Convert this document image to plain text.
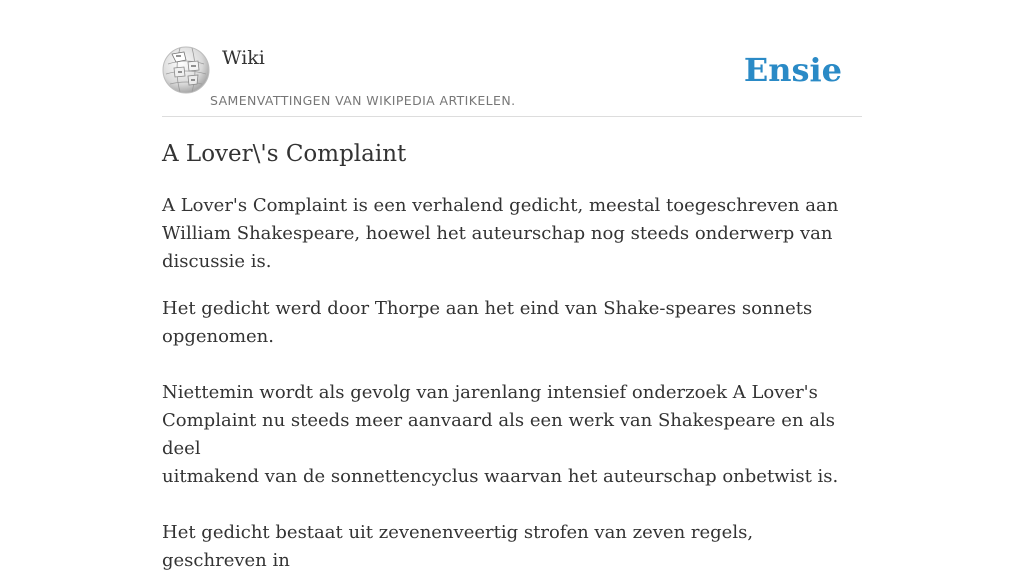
Wiki
SAMENVATTINGEN VAN WIKIPEDIA ARTIKELEN.
Ensie
A Lover\'s Complaint

A Lover's Complaint is een verhalend gedicht, meestal toegeschreven aan
William Shakespeare, hoewel het auteurschap nog steeds onderwerp van
discussie is.

Het gedicht werd door Thorpe aan het eind van Shake-speares sonnets
opgenomen.

Niettemin wordt als gevolg van jarenlang intensief onderzoek A Lover's
Complaint nu steeds meer aanvaard als een werk van Shakespeare en als deel
uitmakend van de sonnettencyclus waarvan het auteurschap onbetwist is.

Het gedicht bestaat uit zevenenveertig strofen van zeven regels, geschreven in
